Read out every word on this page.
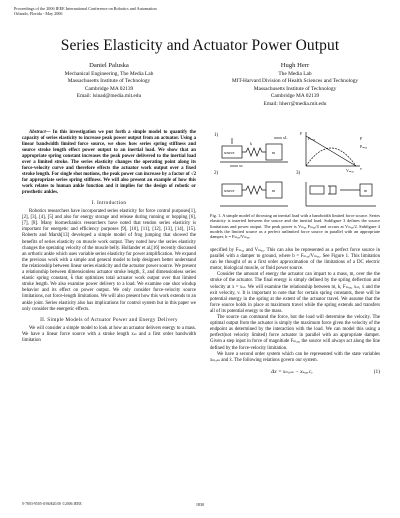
Proceedings of the 2006 IEEE International Conference on Robotics and Automation
Orlando, Florida - May 2006
Series Elasticity and Actuator Power Output
Daniel Paluska
Mechanical Engineering, The Media Lab
Massachusetts Institute of Technology
Cambridge MA 02139
Email: lsinad@media.mit.edu
Hugh Herr
The Media Lab
MIT-Harvard Division of Health Sciences and Technology
Massachusetts Institute of Technology
Cambridge MA 02139
Email: hherr@media.mit.edu

Abstract— In this investigation we put forth a simple model to quantify the capacity of series elasticity to increase peak power output from an actuator. Using a linear bandwidth limited force source, we show how series spring stiffness and source stroke length effect power output to an inertial load. We show that an appropriate spring constant increases the peak power delivered to the inertial load over a limited stroke. The series elasticity changes the operating point along its force-velocity curve and therefore effects the actuator work output over a fixed stroke length. For single shot motions, the peak power can increase by a factor of √2 for appropriate series spring stiffness. We will also present an example of how this work relates to human ankle function and it implies for the design of robotic or prosthetic ankles.

I. Introduction

Robotics researchers have incorporated series elasticity for force control purposes[1], [2], [3], [4], [5] and also for energy storage and release during running or hopping [6], [7], [8]. Many biomechanics researchers have noted that tendon series elasticity is important for energetic and efficiency purposes [9], [10], [11], [12], [13], [14], [15]. Roberts and Marsh[13] developed a simple model of frog jumping that showed the benefits of series elasticity on muscle work output. They noted how the series elasticity changes the operating velocity of the muscle belly. Hollander et al.[16] recently discussed an orthotic ankle which uses variable series elasticity for power amplification. We expand the previous work with a simple and general model to help designers better understand the relationship between linear series elasticity and the actuator power source. We present a relationship between dimensionless actuator stroke length, x̂, and dimensionless series elastic spring constant, k̂ that optimizes total actuator work output over that limited stroke length. We also examine power delivery to a load. We examine one shot windup behavior and its effect on power output. We only consider force-velocity source limitations, not force-length limitations. We will also present how this work extends to an ankle joint. Series elasticity also has implications for control system but in this paper we only consider the energetic effects.

II. Simple Models of Actuator Power and Energy Delivery

We will consider a simple model to look at how an actuator delivers energy to a mass. We have a linear force source with a stroke length xₛₜ and a first order bandwidth limitation

1)
2)	3)
source	m
k
xL
xs
F
Fₘₐₓ	P
Pₘₐₓ
v
Vₘₐₓ
source	m	m
Fig. 1. A simple model of throwing an inertial load with a bandwidth limited force source. Series elasticity is inserted between the source and the inertial load. Subfigure 3 defines the source limitations and power output. The peak power is Vₘₐₓ Fₘₐₓ/4 and occurs at Vₘₐₓ/2. Subfigure 4 models the limited source as a perfect unlimited force source in parallel with an appropriate damper, b = Fₘₐₓ/Vₘₐₓ.

specified by Fₘₐₓ and Vₘₐₓ. This can also be represented as a perfect force source in parallel with a damper to ground, where b = Fₘₐₓ/Vₘₐₓ. See Figure 1. This limitation can be thought of as a first order approximation of the limitations of a DC electric motor, biological muscle, or fluid power source.

Consider the amount of energy the actuator can impart to a mass, m, over the the stroke of the actuator. The final energy is simply defined by the spring deflection and velocity at x = xₛₜ. We will examine the relationship between m, k, Fₘₐₓ, xₛₜ, ẋ and the exit velocity, v. It is important to note that for certain spring constants, there will be potential energy in the spring at the extent of the actuator travel. We assume that the force source holds in place at maximum travel while the spring extends and transfers all of its potential energy to the mass.

The source can command the force, but the load will determine the velocity. The optimal output from the actuator is simply the maximum force given the velocity of the endpoint as determined by the interaction with the load. We can model this using a perfect(not velocity limited) force actuator in parallel with an appropriate damper. Given a step input in force of magnitude Fₘₐₓ, the source will always act along the line defined by the force-velocity limitation.

We have a second order system which can be represented with the state variables xₘₐₛₛ and ẋ. The following relations govern our system.

(1)
Δx = xₘₐₛₛ − xₛₒᵤᵣcₑ
0-7803-9505-0/06/$20.00 ©2006 IEEE	1830
